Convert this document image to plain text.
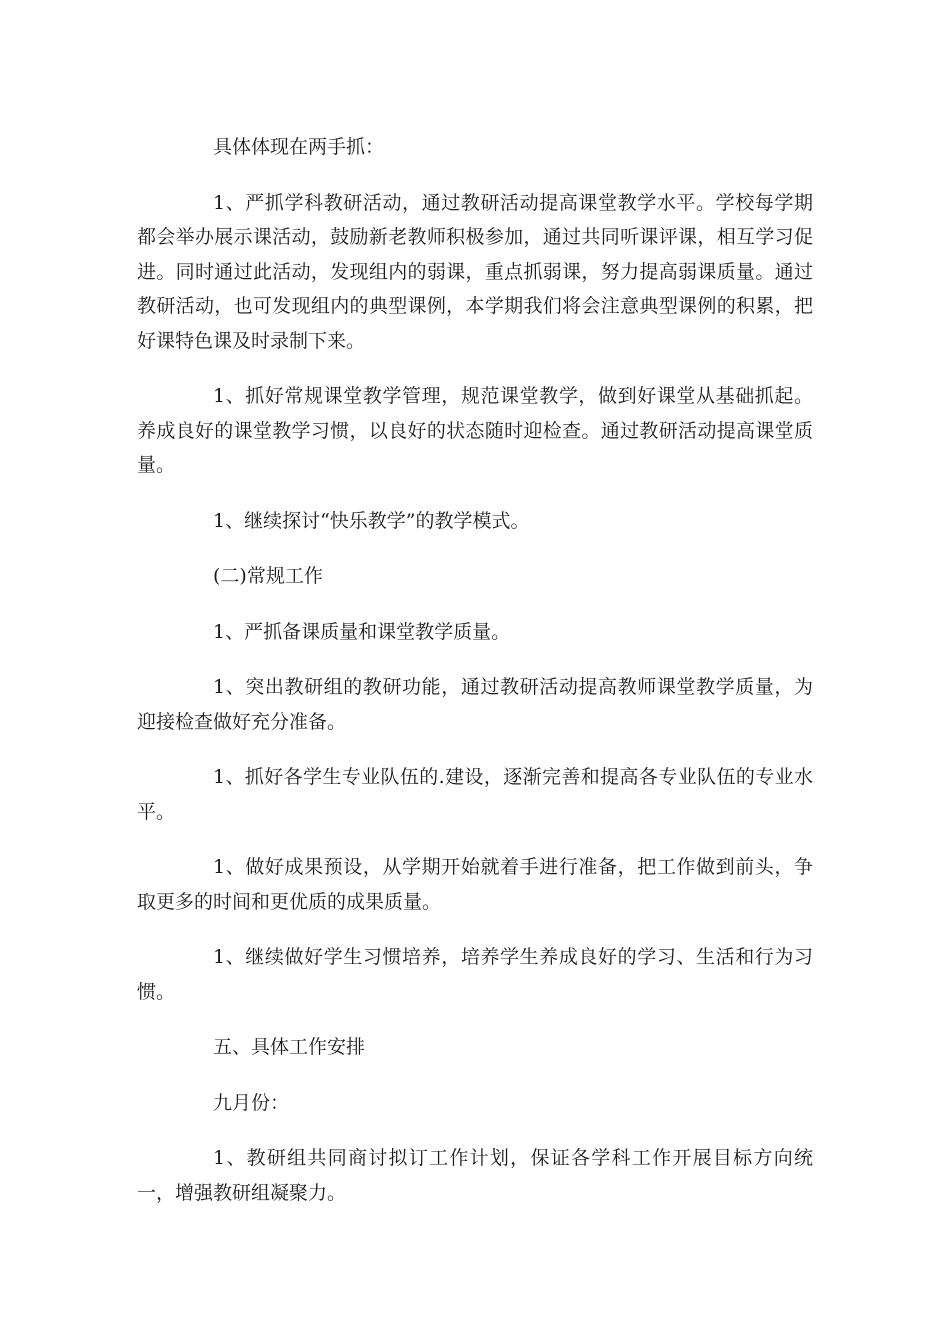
具体体现在两手抓：

1、严抓学科教研活动，通过教研活动提高课堂教学水平。学校每学期都会举办展示课活动，鼓励新老教师积极参加，通过共同听课评课，相互学习促进。同时通过此活动，发现组内的弱课，重点抓弱课，努力提高弱课质量。通过教研活动，也可发现组内的典型课例，本学期我们将会注意典型课例的积累，把好课特色课及时录制下来。

1、抓好常规课堂教学管理，规范课堂教学，做到好课堂从基础抓起。养成良好的课堂教学习惯，以良好的状态随时迎检查。通过教研活动提高课堂质量。

1、继续探讨“快乐教学”的教学模式。

(二)常规工作

1、严抓备课质量和课堂教学质量。

1、突出教研组的教研功能，通过教研活动提高教师课堂教学质量，为迎接检查做好充分准备。

1、抓好各学生专业队伍的.建设，逐渐完善和提高各专业队伍的专业水平。

1、做好成果预设，从学期开始就着手进行准备，把工作做到前头，争取更多的时间和更优质的成果质量。

1、继续做好学生习惯培养，培养学生养成良好的学习、生活和行为习惯。

五、具体工作安排

九月份：

1、教研组共同商讨拟订工作计划，保证各学科工作开展目标方向统一，增强教研组凝聚力。
